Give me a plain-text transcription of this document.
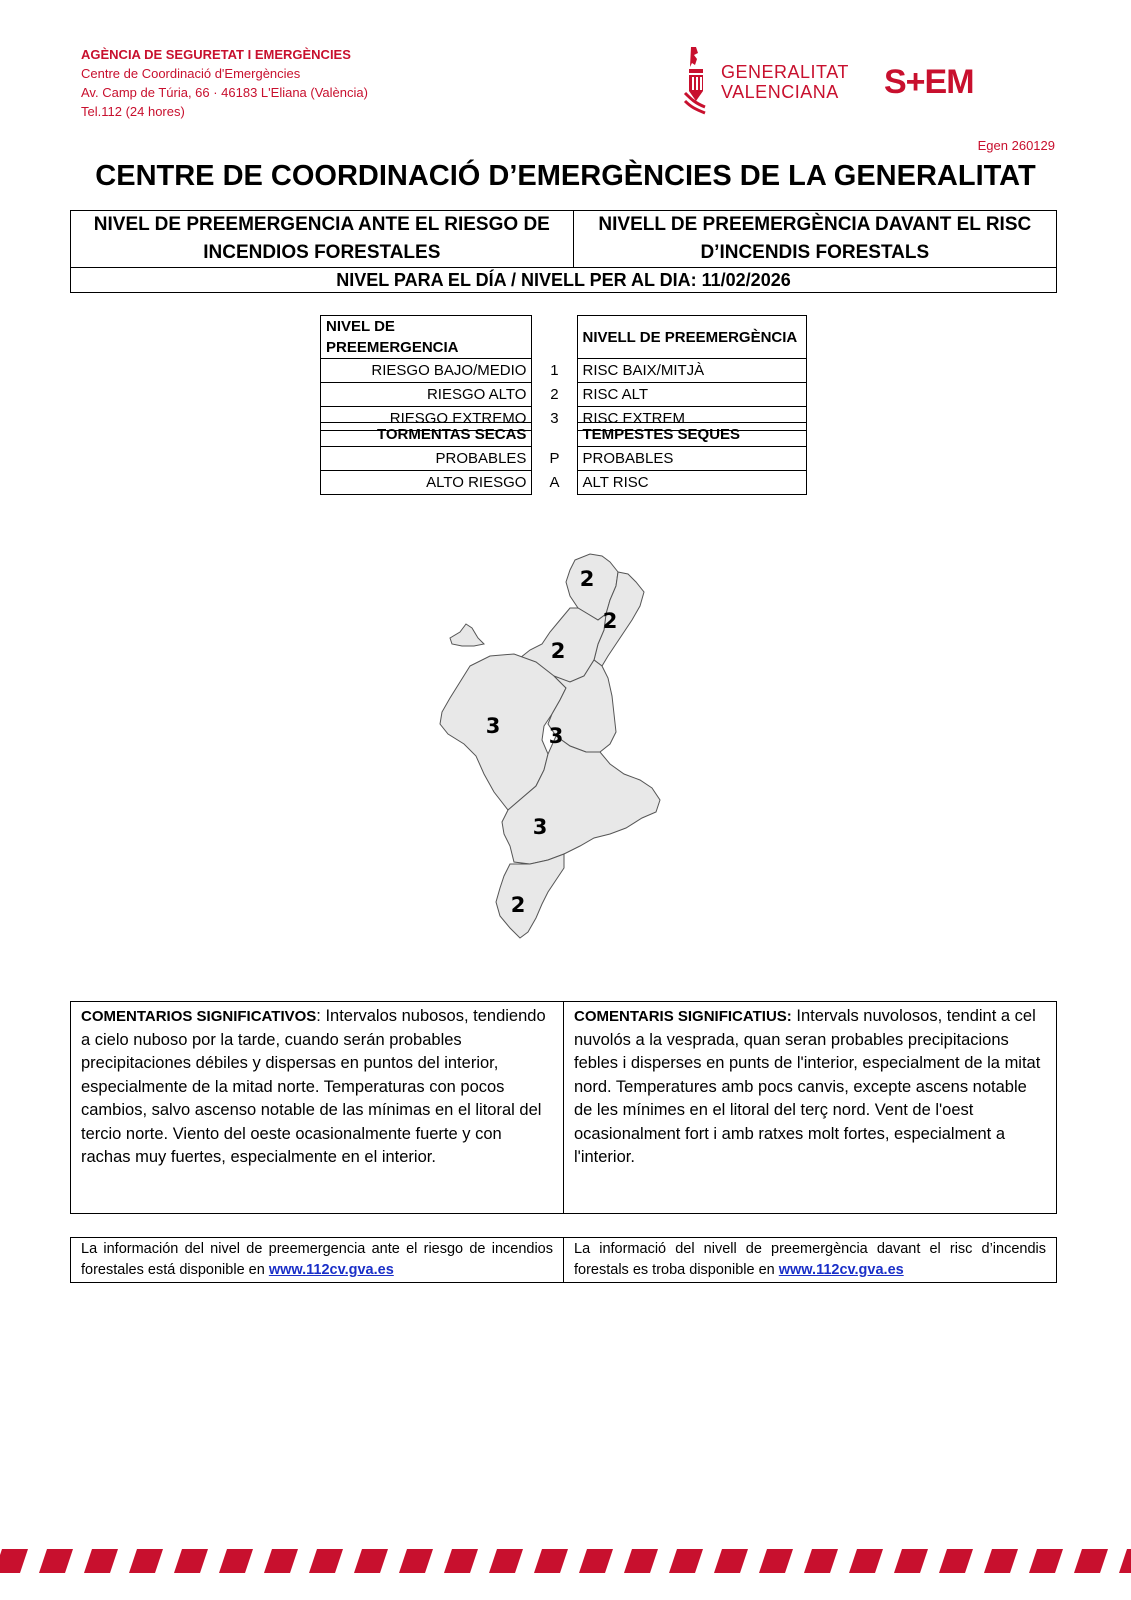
AGÈNCIA DE SEGURETAT I EMERGÈNCIES
Centre de Coordinació d'Emergències
Av. Camp de Túria, 66 · 46183 L'Eliana (València)
Tel.112 (24 hores)
GENERALITAT
VALENCIANA S+EM
Egen 260129
CENTRE DE COORDINACIÓ D’EMERGÈNCIES DE LA GENERALITAT
NIVEL DE PREEMERGENCIA ANTE EL RIESGO DE INCENDIOS FORESTALES	NIVELL DE PREEMERGÈNCIA DAVANT EL RISC D’INCENDIS FORESTALS
NIVEL PARA EL DÍA / NIVELL PER AL DIA: 11/02/2026
NIVEL DE PREEMERGENCIA		NIVELL DE PREEMERGÈNCIA
RIESGO BAJO/MEDIO	1	RISC BAIX/MITJÀ
RIESGO ALTO	2	RISC ALT
RIESGO EXTREMO	3	RISC EXTREM
TORMENTAS SECAS		TEMPESTES SEQUES
PROBABLES	P	PROBABLES
ALTO RIESGO	A	ALT RISC
2
2
2
3 3
3
2
COMENTARIOS SIGNIFICATIVOS: Intervalos nubosos, tendiendo a cielo nuboso por la tarde, cuando serán probables precipitaciones débiles y dispersas en puntos del interior, especialmente de la mitad norte. Temperaturas con pocos cambios, salvo ascenso notable de las mínimas en el litoral del tercio norte. Viento del oeste ocasionalmente fuerte y con rachas muy fuertes, especialmente en el interior.	COMENTARIS SIGNIFICATIUS: Intervals nuvolosos, tendint a cel nuvolós a la vesprada, quan seran probables precipitacions febles i disperses en punts de l'interior, especialment de la mitat nord. Temperatures amb pocs canvis, excepte ascens notable de les mínimes en el litoral del terç nord. Vent de l'oest ocasionalment fort i amb ratxes molt fortes, especialment a l'interior.
La información del nivel de preemergencia ante el riesgo de incendios forestales está disponible en www.112cv.gva.es	La informació del nivell de preemergència davant el risc d’incendis forestals es troba disponible en www.112cv.gva.es
